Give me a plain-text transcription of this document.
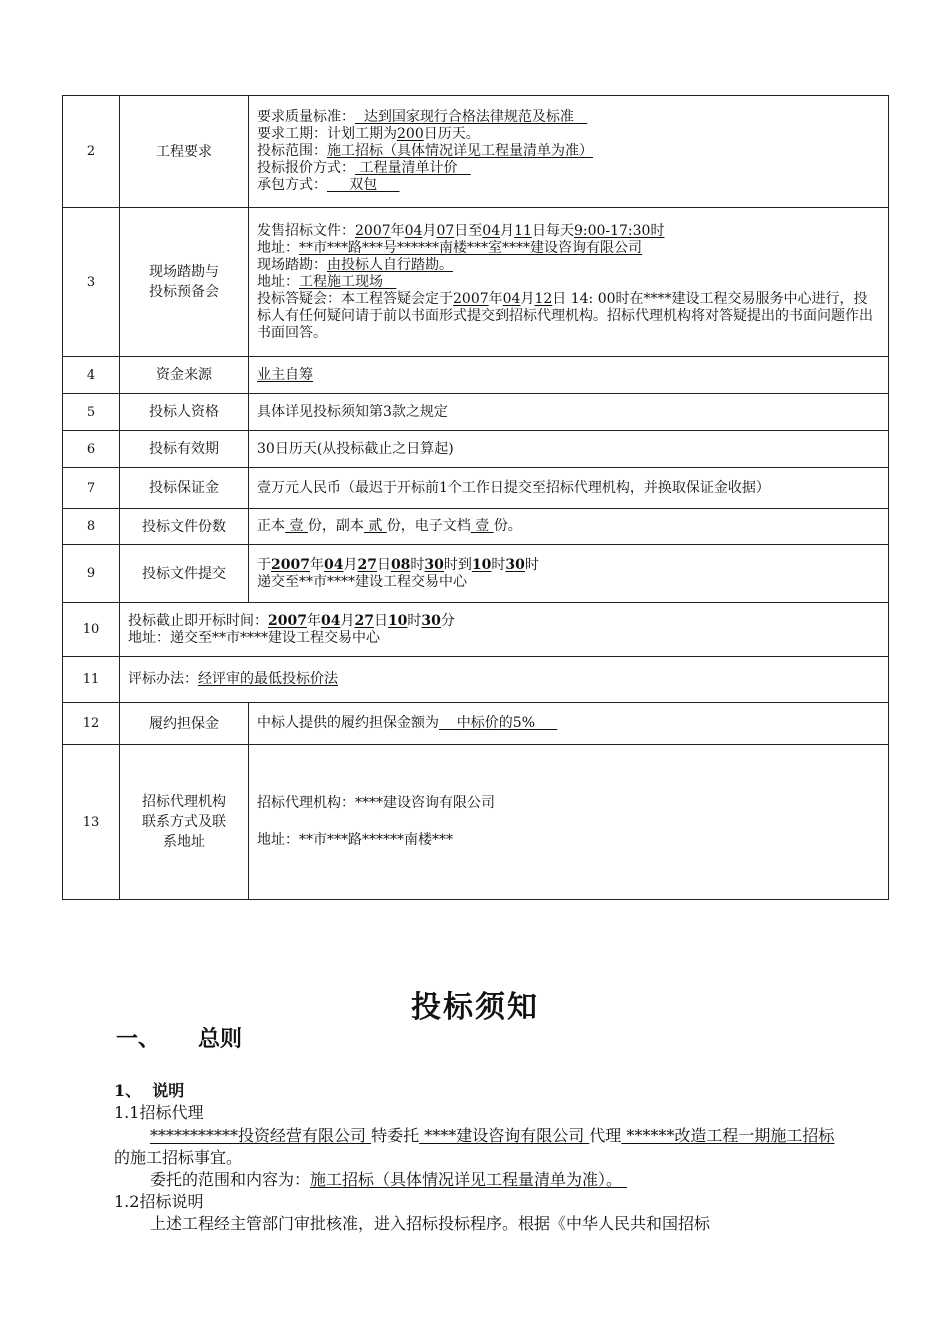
2	工程要求	要求质量标准：  达到国家现行合格法律规范及标准
要求工期：计划工期为200日历天。
投标范围：施工招标（具体情况详见工程量清单为准）
投标报价方式： 工程量清单计价
承包方式：     双包

3	现场踏勘与
投标预备会	发售招标文件：2007年04月07日至04月11日每天9:00-17:30时
地址：**市***路***号******南楼***室****建设咨询有限公司
现场踏勘：由投标人自行踏勘。
地址：工程施工现场
投标答疑会：本工程答疑会定于2007年04月12日 14: 00时在****建设工程交易服务中心进行，投标人有任何疑问请于前以书面形式提交到招标代理机构。招标代理机构将对答疑提出的书面问题作出书面回答。

4	资金来源	业主自筹
5	投标人资格	具体详见投标须知第3款之规定
6	投标有效期	30日历天(从投标截止之日算起)
7	投标保证金	壹万元人民币（最迟于开标前1个工作日提交至招标代理机构，并换取保证金收据）
8	投标文件份数	正本 壹 份，副本 贰 份，电子文档 壹 份。
9	投标文件提交	于2007年04月27日08时30时到10时30时
递交至**市****建设工程交易中心

10	投标截止即开标时间：2007年04月27日10时30分
地址：递交至**市****建设工程交易中心	

11	评标办法：经评审的最低投标价法	
12	履约担保金	中标人提供的履约担保金额为    中标价的5%
13	招标代理机构
联系方式及联
系地址	招标代理机构：****建设咨询有限公司
地址：**市***路******南楼***
投标须知
一、 总则
1、  说明
1.1招标代理
***********投资经营有限公司 特委托 ****建设咨询有限公司 代理 ******改造工程一期施工招标 的施工招标事宜。
委托的范围和内容为：施工招标（具体情况详见工程量清单为准）。
1.2招标说明
上述工程经主管部门审批核准，进入招标投标程序。根据《中华人民共和国招标
